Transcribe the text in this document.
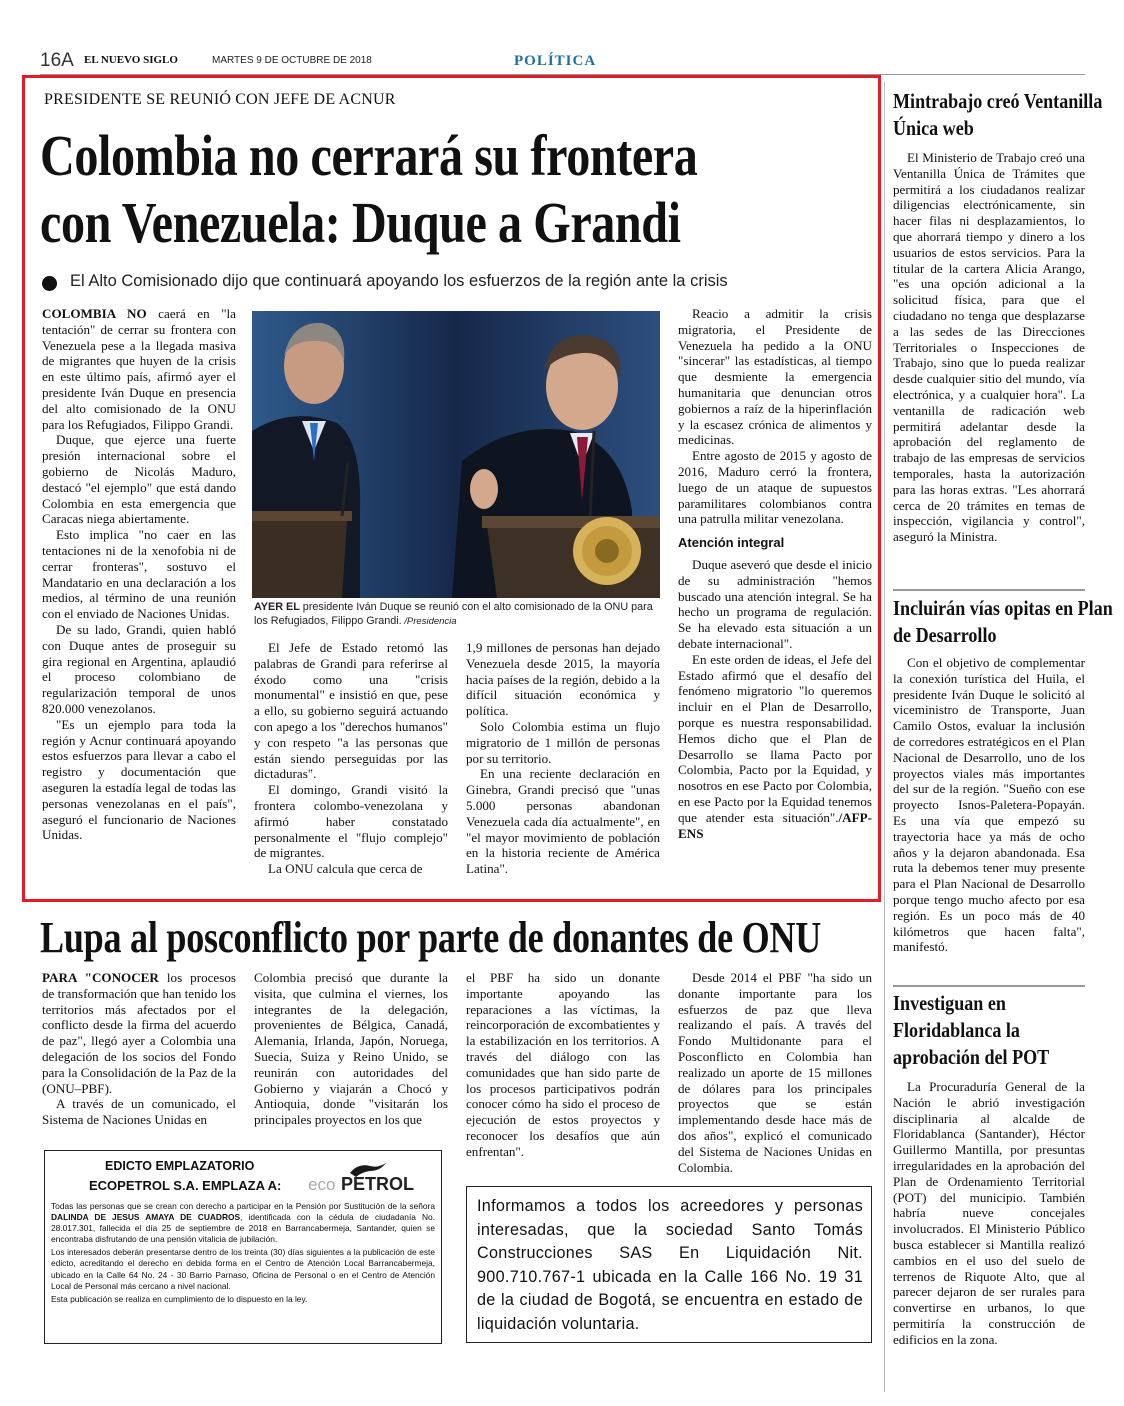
16A EL NUEVO SIGLO	MARTES 9 DE OCTUBRE DE 2018	POLÍTICA
PRESIDENTE SE REUNIÓ CON JEFE DE ACNUR
Colombia no cerrará su frontera
con Venezuela: Duque a Grandi
El Alto Comisionado dijo que continuará apoyando los esfuerzos de la región ante la crisis

COLOMBIA NO caerá en "la tentación" de cerrar su frontera con Venezuela pese a la llegada masiva de migrantes que huyen de la crisis en este último país, afirmó ayer el presidente Iván Duque en presencia del alto comisionado de la ONU para los Refugiados, Filippo Grandi.

Duque, que ejerce una fuerte presión internacional sobre el gobierno de Nicolás Maduro, destacó "el ejemplo" que está dando Colombia en esta emergencia que Caracas niega abiertamente.

Esto implica "no caer en las tentaciones ni de la xenofobia ni de cerrar fronteras", sostuvo el Mandatario en una declaración a los medios, al término de una reunión con el enviado de Naciones Unidas.

De su lado, Grandi, quien habló con Duque antes de proseguir su gira regional en Argentina, aplaudió el proceso colombiano de regularización temporal de unos 820.000 venezolanos.

"Es un ejemplo para toda la región y Acnur continuará apoyando estos esfuerzos para llevar a cabo el registro y documentación que aseguren la estadía legal de todas las personas venezolanas en el país", aseguró el funcionario de Naciones Unidas.

AYER EL presidente Iván Duque se reunió con el alto comisionado de la ONU para los Refugiados, Filippo Grandi. /Presidencia

El Jefe de Estado retomó las palabras de Grandi para referirse al éxodo como una "crisis monumental" e insistió en que, pese a ello, su gobierno seguirá actuando con apego a los "derechos humanos" y con respeto "a las personas que están siendo perseguidas por las dictaduras".

El domingo, Grandi visitó la frontera colombo-venezolana y afirmó haber constatado personalmente el "flujo complejo" de migrantes.

La ONU calcula que cerca de

1,9 millones de personas han dejado Venezuela desde 2015, la mayoría hacia países de la región, debido a la difícil situación económica y política.

Solo Colombia estima un flujo migratorio de 1 millón de personas por su territorio.

En una reciente declaración en Ginebra, Grandi precisó que "unas 5.000 personas abandonan Venezuela cada día actualmente", en "el mayor movimiento de población en la historia reciente de América Latina".

Reacio a admitir la crisis migratoria, el Presidente de Venezuela ha pedido a la ONU "sincerar" las estadísticas, al tiempo que desmiente la emergencia humanitaria que denuncian otros gobiernos a raíz de la hiperinflación y la escasez crónica de alimentos y medicinas.

Entre agosto de 2015 y agosto de 2016, Maduro cerró la frontera, luego de un ataque de supuestos paramilitares colombianos contra una patrulla militar venezolana.

Atención integral

Duque aseveró que desde el inicio de su administración "hemos buscado una atención integral. Se ha hecho un programa de regulación. Se ha elevado esta situación a un debate internacional".

En este orden de ideas, el Jefe del Estado afirmó que el desafío del fenómeno migratorio "lo queremos incluir en el Plan de Desarrollo, porque es nuestra responsabilidad. Hemos dicho que el Plan de Desarrollo se llama Pacto por Colombia, Pacto por la Equidad, y nosotros en ese Pacto por Colombia, en ese Pacto por la Equidad tenemos que atender esta situación"./AFP-ENS

Lupa al posconflicto por parte de donantes de ONU

PARA "CONOCER los procesos de transformación que han tenido los territorios más afectados por el conflicto desde la firma del acuerdo de paz", llegó ayer a Colombia una delegación de los socios del Fondo para la Consolidación de la Paz de la (ONU–PBF).

A través de un comunicado, el Sistema de Naciones Unidas en

Colombia precisó que durante la visita, que culmina el viernes, los integrantes de la delegación, provenientes de Bélgica, Canadá, Alemania, Irlanda, Japón, Noruega, Suecia, Suiza y Reino Unido, se reunirán con autoridades del Gobierno y viajarán a Chocó y Antioquia, donde "visitarán los principales proyectos en los que

el PBF ha sido un donante importante apoyando las reparaciones a las víctimas, la reincorporación de excombatientes y la estabilización en los territorios. A través del diálogo con las comunidades que han sido parte de los procesos participativos podrán conocer cómo ha sido el proceso de ejecución de estos proyectos y reconocer los desafíos que aún enfrentan".

Desde 2014 el PBF "ha sido un donante importante para los esfuerzos de paz que lleva realizando el país. A través del Fondo Multidonante para el Posconflicto en Colombia han realizado un aporte de 15 millones de dólares para los principales proyectos que se están implementando desde hace más de dos años", explicó el comunicado del Sistema de Naciones Unidas en Colombia.

EDICTO EMPLAZATORIO
ECOPETROL S.A. EMPLAZA A: eco PETROL
Todas las personas que se crean con derecho a participar en la Pensión por Sustitución de la señora DALINDA DE JESUS AMAYA DE CUADROS, identificada con la cédula de ciudadanía No. 28.017.301, fallecida el día 25 de septiembre de 2018 en Barrancabermeja, Santander, quien se encontraba disfrutando de una pensión vitalicia de jubilación.
Los interesados deberán presentarse dentro de los treinta (30) días siguientes a la publicación de este edicto, acreditando el derecho en debida forma en el Centro de Atención Local Barrancabermeja, ubicado en la Calle 64 No. 24 - 30 Barrio Parnaso, Oficina de Personal o en el Centro de Atención Local de Personal más cercano a nivel nacional.
Esta publicación se realiza en cumplimiento de lo dispuesto en la ley.
Informamos a todos los acreedores y personas interesadas, que la sociedad Santo Tomás Construcciones SAS En Liquidación Nit. 900.710.767-1 ubicada en la Calle 166 No. 19 31 de la ciudad de Bogotá, se encuentra en estado de liquidación voluntaria.
Mintrabajo creó Ventanilla Única web

El Ministerio de Trabajo creó una Ventanilla Única de Trámites que permitirá a los ciudadanos realizar diligencias electrónicamente, sin hacer filas ni desplazamientos, lo que ahorrará tiempo y dinero a los usuarios de estos servicios. Para la titular de la cartera Alicia Arango, "es una opción adicional a la solicitud física, para que el ciudadano no tenga que desplazarse a las sedes de las Direcciones Territoriales o Inspecciones de Trabajo, sino que lo pueda realizar desde cualquier sitio del mundo, vía electrónica, y a cualquier hora". La ventanilla de radicación web permitirá adelantar desde la aprobación del reglamento de trabajo de las empresas de servicios temporales, hasta la autorización para las horas extras. "Les ahorrará cerca de 20 trámites en temas de inspección, vigilancia y control", aseguró la Ministra.

Incluirán vías opitas en Plan de Desarrollo

Con el objetivo de complementar la conexión turística del Huila, el presidente Iván Duque le solicitó al viceministro de Transporte, Juan Camilo Ostos, evaluar la inclusión de corredores estratégicos en el Plan Nacional de Desarrollo, uno de los proyectos viales más importantes del sur de la región. "Sueño con ese proyecto Isnos-Paletera-Popayán. Es una vía que empezó su trayectoria hace ya más de ocho años y la dejaron abandonada. Esa ruta la debemos tener muy presente para el Plan Nacional de Desarrollo porque tengo mucho afecto por esa región. Es un poco más de 40 kilómetros que hacen falta", manifestó.

Investiguan en Floridablanca la aprobación del POT

La Procuraduría General de la Nación le abrió investigación disciplinaria al alcalde de Floridablanca (Santander), Héctor Guillermo Mantilla, por presuntas irregularidades en la aprobación del Plan de Ordenamiento Territorial (POT) del municipio. También habría nueve concejales involucrados. El Ministerio Público busca establecer si Mantilla realizó cambios en el uso del suelo de terrenos de Riquote Alto, que al parecer dejaron de ser rurales para convertirse en urbanos, lo que permitiría la construcción de edificios en la zona.
